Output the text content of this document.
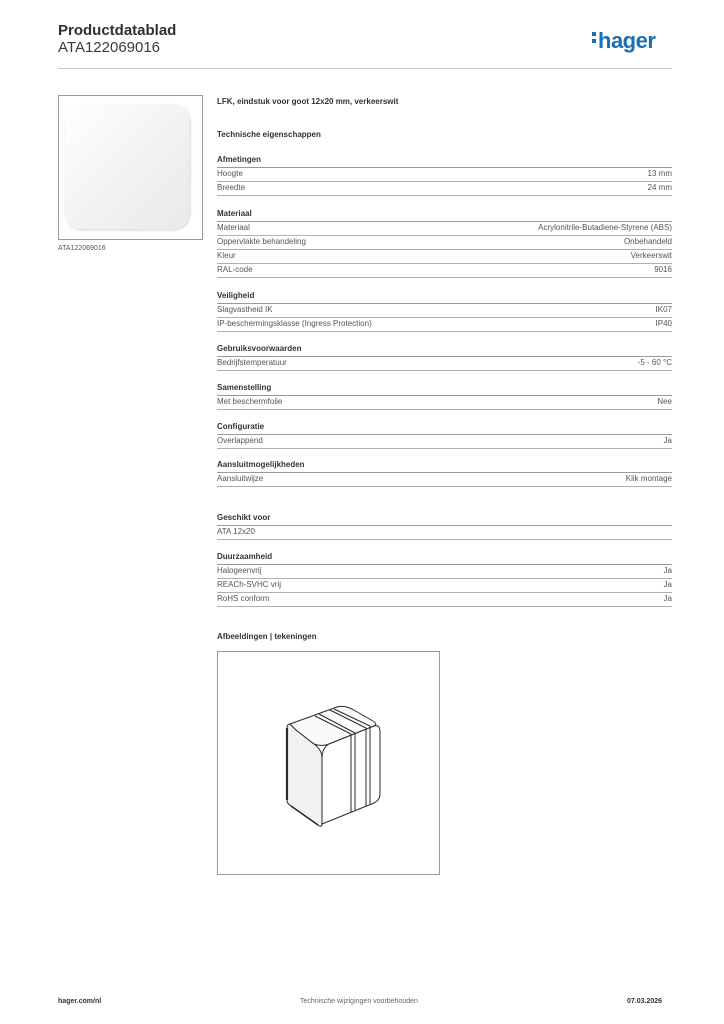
Productdatablad
ATA122069016	hager
ATA122069016
LFK, eindstuk voor goot 12x20 mm, verkeerswit
Technische eigenschappen
Afmetingen
Hoogte	13 mm
Breedte	24 mm
Materiaal
Materiaal	Acrylonitrile-Butadiene-Styrene (ABS)
Oppervlakte behandeling	Onbehandeld
Kleur	Verkeerswit
RAL-code	9016
Veiligheid
Slagvastheid IK	IK07
IP-beschermingsklasse (Ingress Protection)	IP40
Gebruiksvoorwaarden
Bedrijfstemperatuur	-5 - 60 °C
Samenstelling
Met beschermfolie	Nee
Configuratie
Overlappend	Ja
Aansluitmogelijkheden
Aansluitwijze	Klik montage
Geschikt voor
ATA 12x20
Duurzaamheid
Halogeenvrij	Ja
REACh-SVHC vrij	Ja
RoHS conform	Ja
Afbeeldingen | tekeningen
hager.com/nl	Technische wijzigingen voorbehouden	07.03.2026
